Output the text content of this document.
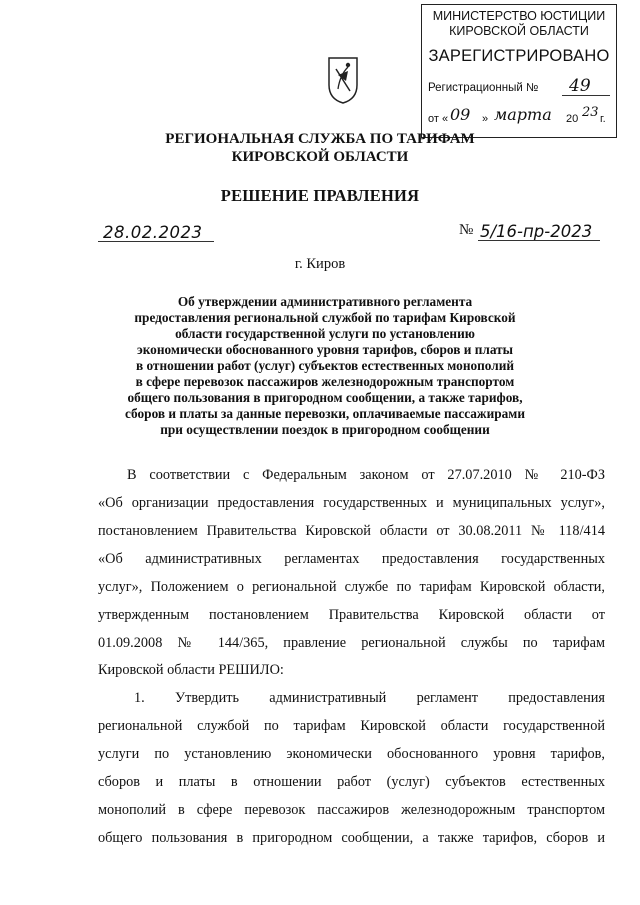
МИНИСТЕРСТВО ЮСТИЦИИ
КИРОВСКОЙ ОБЛАСТИ
ЗАРЕГИСТРИРОВАНО
Регистрационный № 49
от « 09 » марта 20 23 г.
РЕГИОНАЛЬНАЯ СЛУЖБА ПО ТАРИФАМ
КИРОВСКОЙ ОБЛАСТИ
РЕШЕНИЕ ПРАВЛЕНИЯ
28.02.2023	№ 5/16-пр-2023
г. Киров
Об утверждении административного регламента
предоставления региональной службой по тарифам Кировской
области государственной услуги по установлению
экономически обоснованного уровня тарифов, сборов и платы
в отношении работ (услуг) субъектов естественных монополий
в сфере перевозок пассажиров железнодорожным транспортом
общего пользования в пригородном сообщении, а также тарифов,
сборов и платы за данные перевозки, оплачиваемые пассажирами
при осуществлении поездок в пригородном сообщении
В соответствии с Федеральным законом от 27.07.2010 № 210-ФЗ
«Об организации предоставления государственных и муниципальных услуг»,
постановлением Правительства Кировской области от 30.08.2011 № 118/414
«Об административных регламентах предоставления государственных
услуг», Положением о региональной службе по тарифам Кировской области,
утвержденным постановлением Правительства Кировской области от
01.09.2008 № 144/365, правление региональной службы по тарифам
Кировской области РЕШИЛО:
1. Утвердить административный регламент предоставления
региональной службой по тарифам Кировской области государственной
услуги по установлению экономически обоснованного уровня тарифов,
сборов и платы в отношении работ (услуг) субъектов естественных
монополий в сфере перевозок пассажиров железнодорожным транспортом
общего пользования в пригородном сообщении, а также тарифов, сборов и
